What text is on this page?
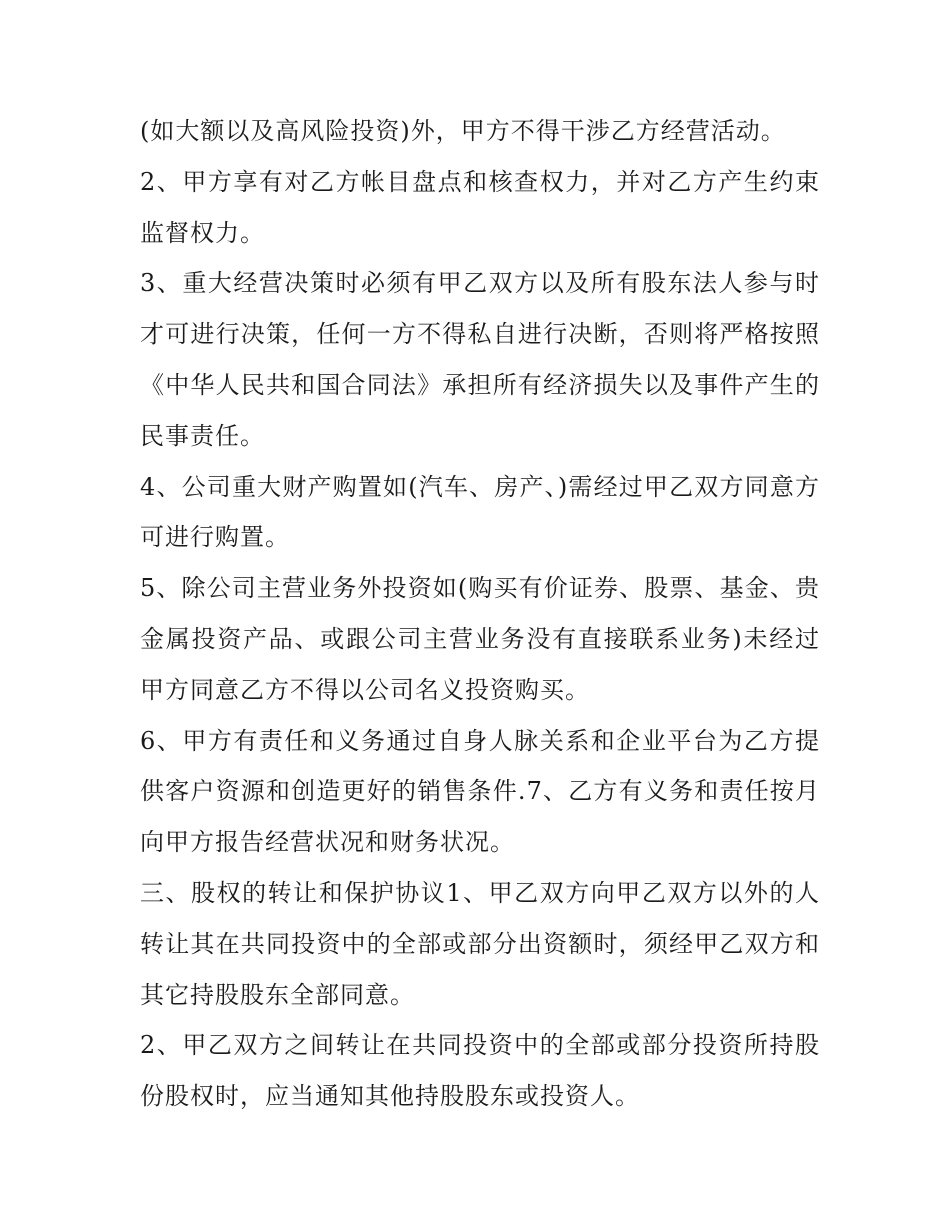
(如大额以及高风险投资)外，甲方不得干涉乙方经营活动。

2、甲方享有对乙方帐目盘点和核查权力，并对乙方产生约束监督权力。

3、重大经营决策时必须有甲乙双方以及所有股东法人参与时才可进行决策，任何一方不得私自进行决断，否则将严格按照《中华人民共和国合同法》承担所有经济损失以及事件产生的民事责任。

4、公司重大财产购置如(汽车、房产、)需经过甲乙双方同意方可进行购置。

5、除公司主营业务外投资如(购买有价证券、股票、基金、贵金属投资产品、或跟公司主营业务没有直接联系业务)未经过甲方同意乙方不得以公司名义投资购买。

6、甲方有责任和义务通过自身人脉关系和企业平台为乙方提供客户资源和创造更好的销售条件.7、乙方有义务和责任按月向甲方报告经营状况和财务状况。

三、股权的转让和保护协议1、甲乙双方向甲乙双方以外的人转让其在共同投资中的全部或部分出资额时，须经甲乙双方和其它持股股东全部同意。

2、甲乙双方之间转让在共同投资中的全部或部分投资所持股份股权时，应当通知其他持股股东或投资人。
